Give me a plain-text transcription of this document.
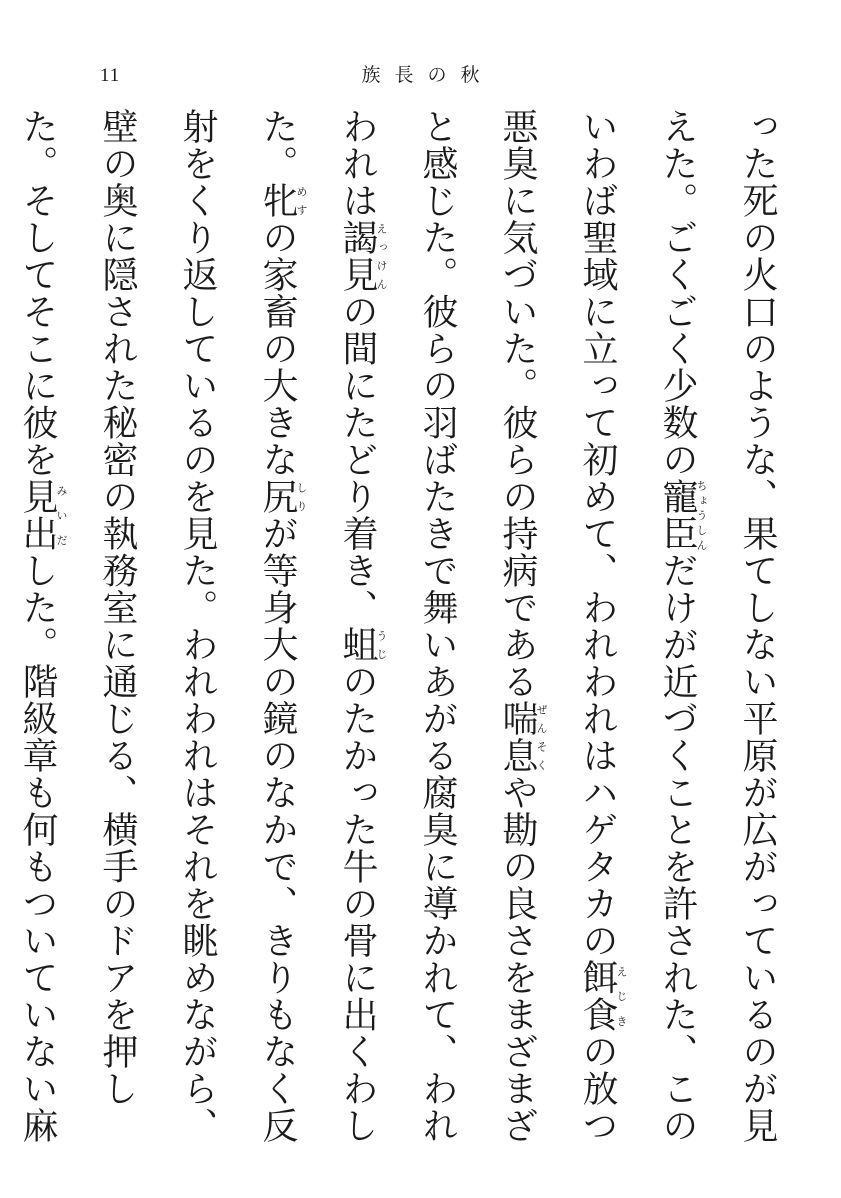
11	族長の秋

った死の火口のような、果てしない平原が広がっているのが見えた。ごくごく少数の寵臣ちょうしんだけが近づくことを許された、このいわば聖域に立って初めて、われわれはハゲタカの餌食えじきの放つ悪臭に気づいた。彼らの持病である喘息ぜんそくや勘の良さをまざまざと感じた。彼らの羽ばたきで舞いあがる腐臭に導かれて、われわれは謁見えっけんの間にたどり着き、蛆うじのたかった牛の骨に出くわした。牝めすの家畜の大きな尻しりが等身大の鏡のなかで、きりもなく反射をくり返しているのを見た。われわれはそれを眺めながら、壁の奥に隠された秘密の執務室に通じる、横手のドアを押した。そしてそこに彼を見出みいだした。階級章も何もついていない麻
